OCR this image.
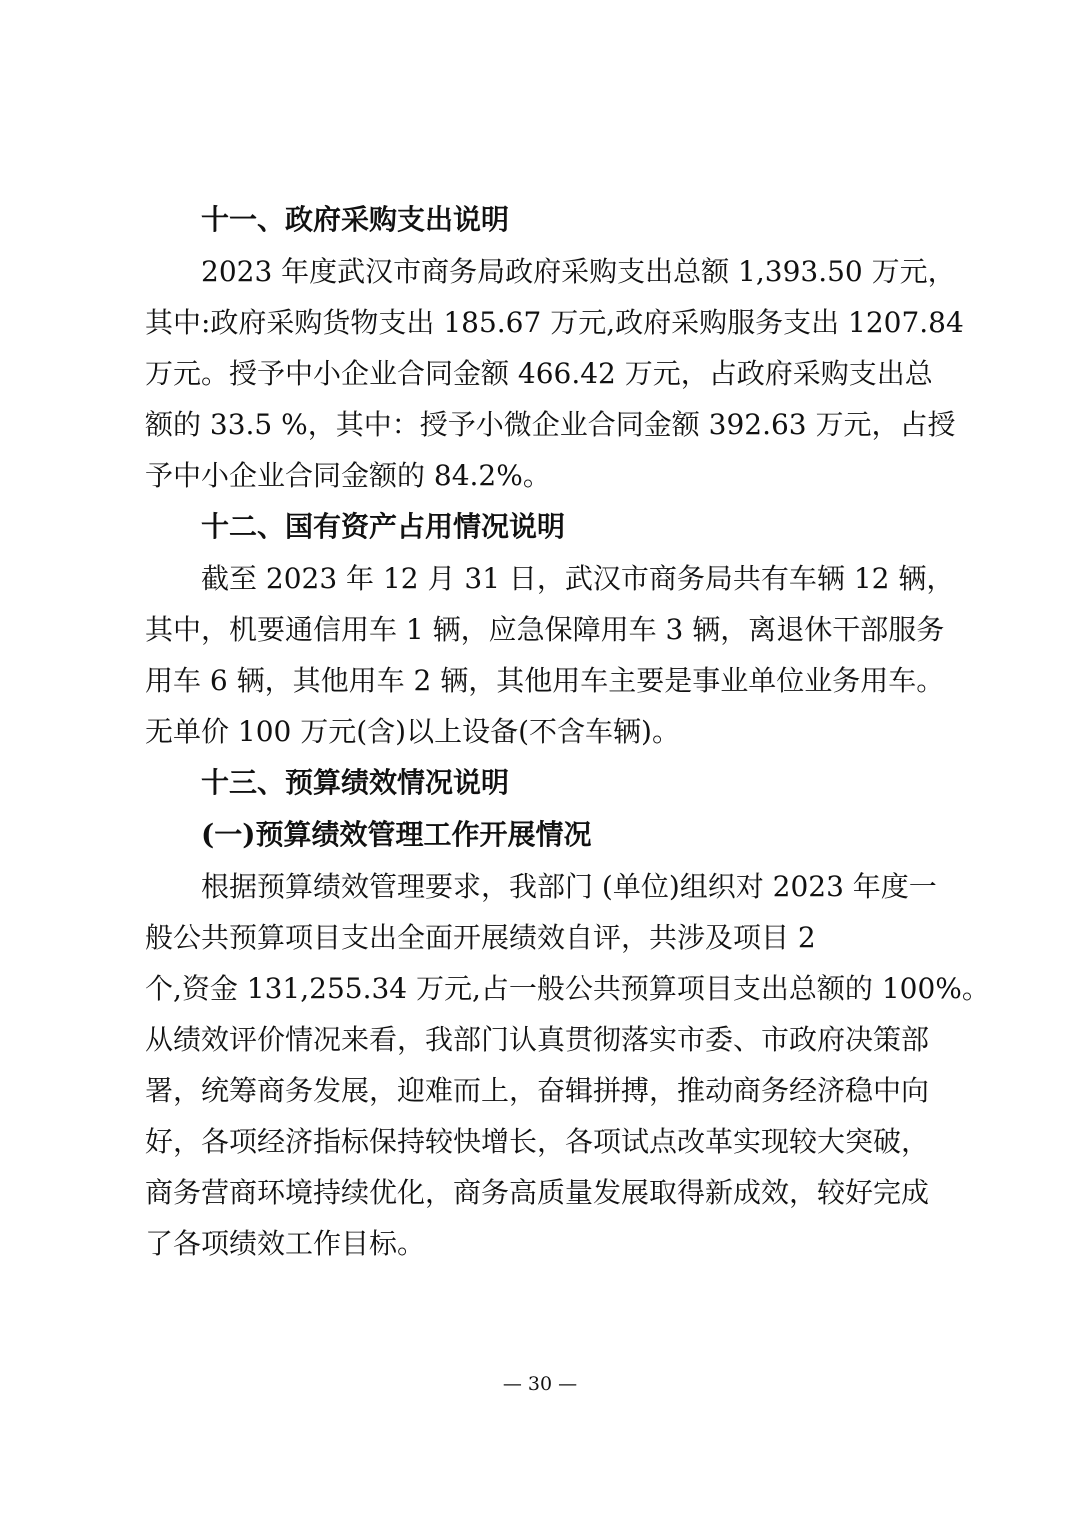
十一、政府采购支出说明

2023 年度武汉市商务局政府采购支出总额 1,393.50 万元，
其中:政府采购货物支出 185.67 万元,政府采购服务支出 1207.84
万元。授予中小企业合同金额 466.42 万元，占政府采购支出总
额的 33.5 %，其中：授予小微企业合同金额 392.63 万元，占授
予中小企业合同金额的 84.2%。

十二、国有资产占用情况说明

截至 2023 年 12 月 31 日，武汉市商务局共有车辆 12 辆，
其中，机要通信用车 1 辆，应急保障用车 3 辆，离退休干部服务
用车 6 辆，其他用车 2 辆，其他用车主要是事业单位业务用车。
无单价 100 万元(含)以上设备(不含车辆)。

十三、预算绩效情况说明
(一)预算绩效管理工作开展情况

根据预算绩效管理要求，我部门 (单位)组织对 2023 年度一
般公共预算项目支出全面开展绩效自评，共涉及项目 2
个,资金 131,255.34 万元,占一般公共预算项目支出总额的 100%。
从绩效评价情况来看，我部门认真贯彻落实市委、市政府决策部
署，统筹商务发展，迎难而上，奋辑拼搏，推动商务经济稳中向
好，各项经济指标保持较快增长，各项试点改革实现较大突破，
商务营商环境持续优化，商务高质量发展取得新成效，较好完成
了各项绩效工作目标。

— 30 —
